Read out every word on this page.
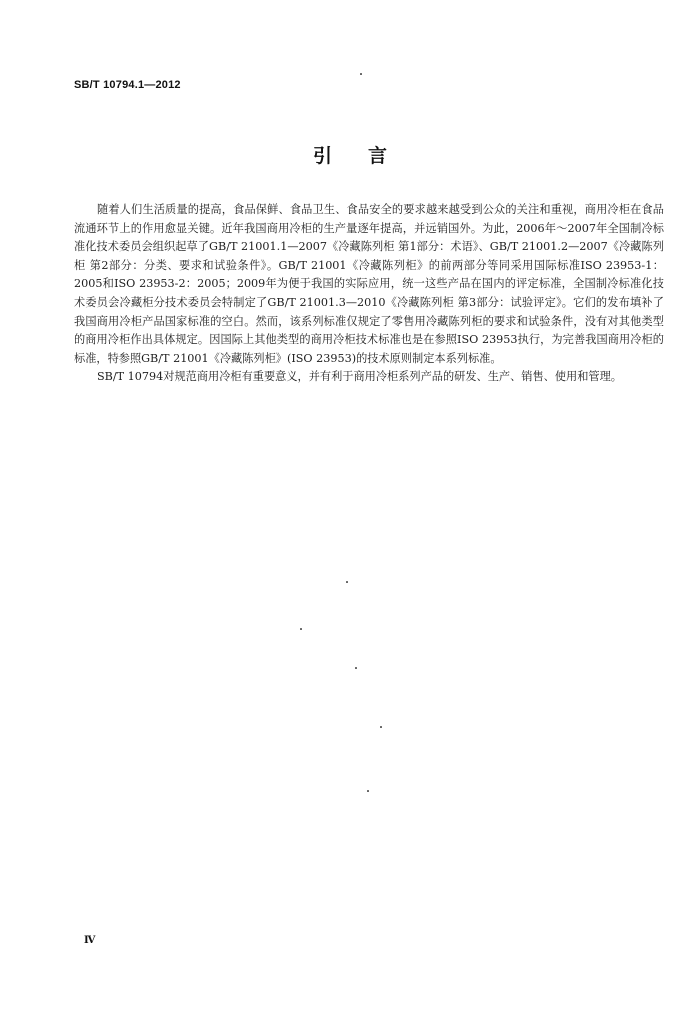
SB/T 10794.1—2012
引 言

随着人们生活质量的提高，食品保鲜、食品卫生、食品安全的要求越来越受到公众的关注和重视，商用冷柜在食品流通环节上的作用愈显关键。近年我国商用冷柜的生产量逐年提高，并远销国外。为此，2006年～2007年全国制冷标准化技术委员会组织起草了GB/T 21001.1—2007《冷藏陈列柜 第1部分：术语》、GB/T 21001.2—2007《冷藏陈列柜 第2部分：分类、要求和试验条件》。GB/T 21001《冷藏陈列柜》的前两部分等同采用国际标准ISO 23953-1：2005和ISO 23953-2：2005；2009年为便于我国的实际应用，统一这些产品在国内的评定标准，全国制冷标准化技术委员会冷藏柜分技术委员会特制定了GB/T 21001.3—2010《冷藏陈列柜 第3部分：试验评定》。它们的发布填补了我国商用冷柜产品国家标准的空白。然而，该系列标准仅规定了零售用冷藏陈列柜的要求和试验条件，没有对其他类型的商用冷柜作出具体规定。因国际上其他类型的商用冷柜技术标准也是在参照ISO 23953执行，为完善我国商用冷柜的标准，特参照GB/T 21001《冷藏陈列柜》(ISO 23953)的技术原则制定本系列标准。

SB/T 10794对规范商用冷柜有重要意义，并有利于商用冷柜系列产品的研发、生产、销售、使用和管理。

Ⅳ
